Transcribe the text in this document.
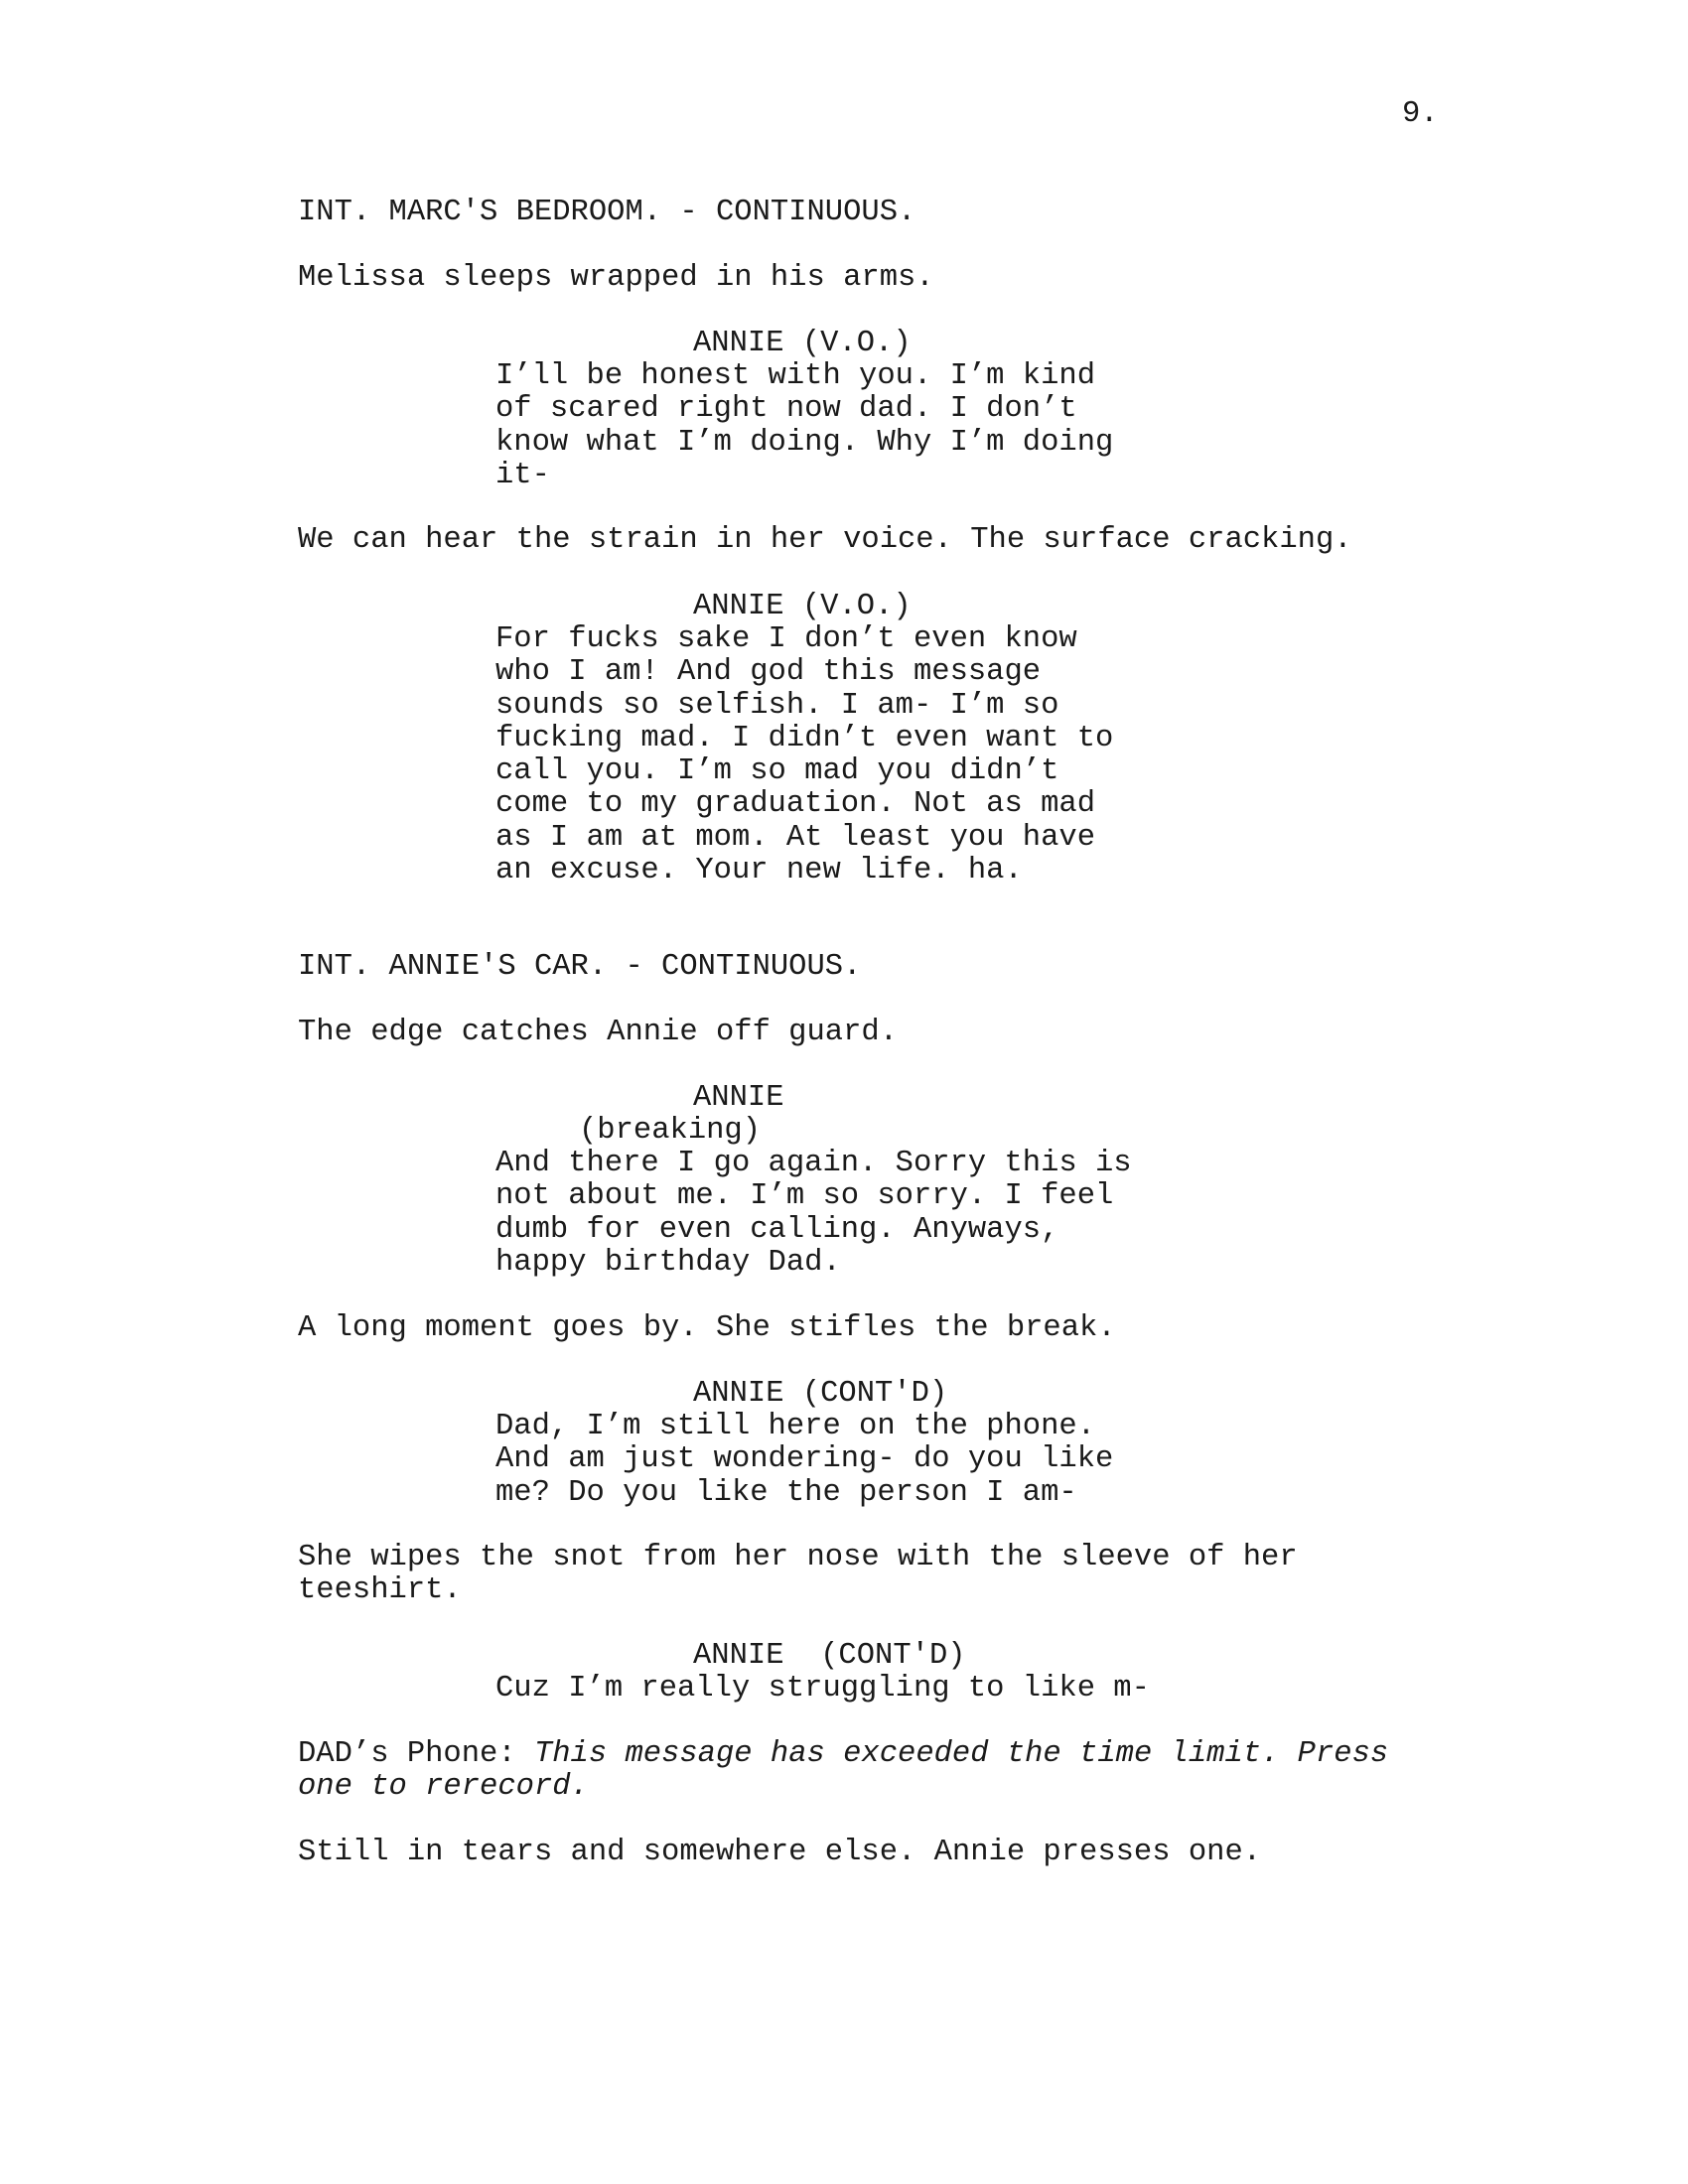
9.
INT. MARC'S BEDROOM. - CONTINUOUS.
Melissa sleeps wrapped in his arms.
ANNIE (V.O.)
I’ll be honest with you. I’m kind
of scared right now dad. I don’t
know what I’m doing. Why I’m doing
it-
We can hear the strain in her voice. The surface cracking.
ANNIE (V.O.)
For fucks sake I don’t even know
who I am! And god this message
sounds so selfish. I am- I’m so
fucking mad. I didn’t even want to
call you. I’m so mad you didn’t
come to my graduation. Not as mad
as I am at mom. At least you have
an excuse. Your new life. ha.
INT. ANNIE'S CAR. - CONTINUOUS.
The edge catches Annie off guard.
ANNIE
(breaking)
And there I go again. Sorry this is
not about me. I’m so sorry. I feel
dumb for even calling. Anyways,
happy birthday Dad.
A long moment goes by. She stifles the break.
ANNIE (CONT'D)
Dad, I’m still here on the phone.
And am just wondering- do you like
me? Do you like the person I am-
She wipes the snot from her nose with the sleeve of her
teeshirt.
ANNIE  (CONT'D)
Cuz I’m really struggling to like m-
DAD’s Phone: This message has exceeded the time limit. Press
one to rerecord.
Still in tears and somewhere else. Annie presses one.
